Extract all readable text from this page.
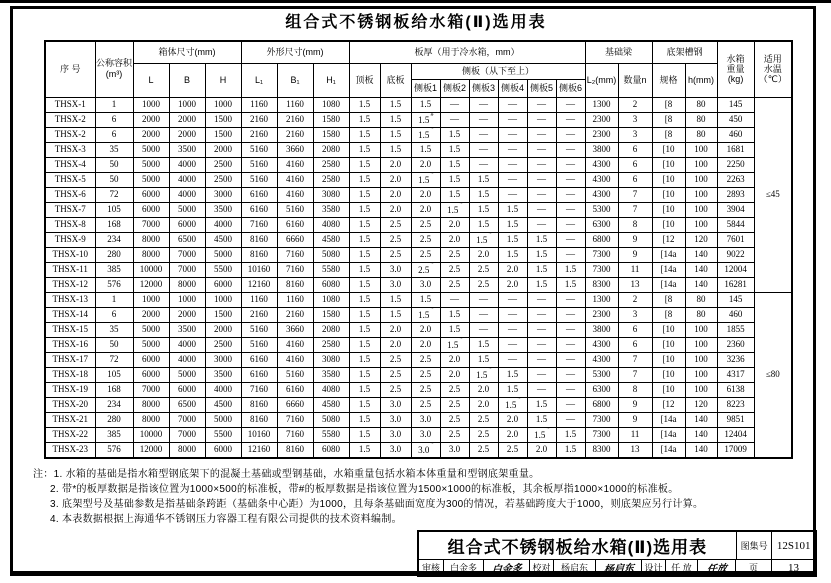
组合式不锈钢板给水箱(Ⅱ)选用表
序 号	
公称容积
(m³)
	箱体尺寸(mm)	外形尺寸(mm)	板厚（用于冷水箱，mm）	基础梁	底架槽钢	
水箱
重量
(kg)

适用
水温
（℃）

		L	B	H	L₁	B₁	H₁	顶板	底板	侧板（从下至上）						L₂(mm)	数量n	规格	h(mm)		
										侧板1	侧板2	侧板3	侧板4	侧板5	侧板6						
THSX-1	1	1000	1000	1000	1160	1160	1080	1.5	1.5	1.5	—	—	—	—	—	1300	2	[8	80	145	≤45
THSX-2	6	2000	2000	1500	2160	2160	1580	1.5	1.5	1.5#	—	—	—	—	—	2300	3	[8	80	450	
THSX-2	6	2000	2000	1500	2160	2160	1580	1.5	1.5	1.5*	1.5	—	—	—	—	2300	3	[8	80	460	
THSX-3	35	5000	3500	2000	5160	3660	2080	1.5	1.5	1.5	1.5	—	—	—	—	3800	6	[10	100	1681	
THSX-4	50	5000	4000	2500	5160	4160	2580	1.5	2.0	2.0	1.5	—	—	—	—	4300	6	[10	100	2250	
THSX-5	50	5000	4000	2500	5160	4160	2580	1.5	2.0	1.5*	1.5	1.5	—	—	—	4300	6	[10	100	2263	
THSX-6	72	6000	4000	3000	6160	4160	3080	1.5	2.0	2.0	1.5	1.5	—	—	—	4300	7	[10	100	2893	
THSX-7	105	6000	5000	3500	6160	5160	3580	1.5	2.0	2.0	1.5*	1.5	1.5	—	—	5300	7	[10	100	3904	
THSX-8	168	7000	6000	4000	7160	6160	4080	1.5	2.5	2.5	2.0	1.5	1.5	—	—	6300	8	[10	100	5844	
THSX-9	234	8000	6500	4500	8160	6660	4580	1.5	2.5	2.5	2.0	1.5*	1.5	1.5	—	6800	9	[12	120	7601	
THSX-10	280	8000	7000	5000	8160	7160	5080	1.5	2.5	2.5	2.5	2.0	1.5	1.5	—	7300	9	[14a	140	9022	
THSX-11	385	10000	7000	5500	10160	7160	5580	1.5	3.0	2.5*	2.5	2.5	2.0	1.5	1.5	7300	11	[14a	140	12004	
THSX-12	576	12000	8000	6000	12160	8160	6080	1.5	3.0	3.0	2.5	2.5	2.0	1.5	1.5	8300	13	[14a	140	16281	
THSX-13	1	1000	1000	1000	1160	1160	1080	1.5	1.5	1.5	—	—	—	—	—	1300	2	[8	80	145	≤80
THSX-14	6	2000	2000	1500	2160	2160	1580	1.5	1.5	1.5*	1.5	—	—	—	—	2300	3	[8	80	460	
THSX-15	35	5000	3500	2000	5160	3660	2080	1.5	2.0	2.0	1.5	—	—	—	—	3800	6	[10	100	1855	
THSX-16	50	5000	4000	2500	5160	4160	2580	1.5	2.0	2.0	1.5*	1.5	—	—	—	4300	6	[10	100	2360	
THSX-17	72	6000	4000	3000	6160	4160	3080	1.5	2.5	2.5	2.0	1.5	—	—	—	4300	7	[10	100	3236	
THSX-18	105	6000	5000	3500	6160	5160	3580	1.5	2.5	2.5	2.0	1.5*	1.5	—	—	5300	7	[10	100	4317	
THSX-19	168	7000	6000	4000	7160	6160	4080	1.5	2.5	2.5	2.5	2.0	1.5	—	—	6300	8	[10	100	6138	
THSX-20	234	8000	6500	4500	8160	6660	4580	1.5	3.0	2.5	2.5	2.0	1.5*	1.5	—	6800	9	[12	120	8223	
THSX-21	280	8000	7000	5000	8160	7160	5080	1.5	3.0	3.0	2.5	2.5	2.0	1.5	—	7300	9	[14a	140	9851	
THSX-22	385	10000	7000	5500	10160	7160	5580	1.5	3.0	3.0	2.5	2.5	2.0	1.5*	1.5	7300	11	[14a	140	12404	
THSX-23	576	12000	8000	6000	12160	8160	6080	1.5	3.0	3.0*	3.0	2.5	2.5	2.0	1.5	8300	13	[14a	140	17009	
注：1. 水箱的基础是指水箱型钢底架下的混凝土基础或型钢基础，水箱重量包括水箱本体重量和型钢底架重量。
2. 带*的板厚数据是指该位置为1000×500的标准板，带#的板厚数据是指该位置为1500×1000的标准板，其余板厚指1000×1000的标准板。
3. 底架型号及基础参数是指基础条跨距（基础条中心距）为1000，且每条基础面宽度为300的情况，若基础跨度大于1000，则底架应另行计算。
4. 本表数据根据上海通华不锈钢压力容器工程有限公司提供的技术资料编制。
组合式不锈钢板给水箱(Ⅱ)选用表	图集号 12S101
审核	白金多	白金多	校对	杨启东	杨启东	设计 任 放	任放	页	13
